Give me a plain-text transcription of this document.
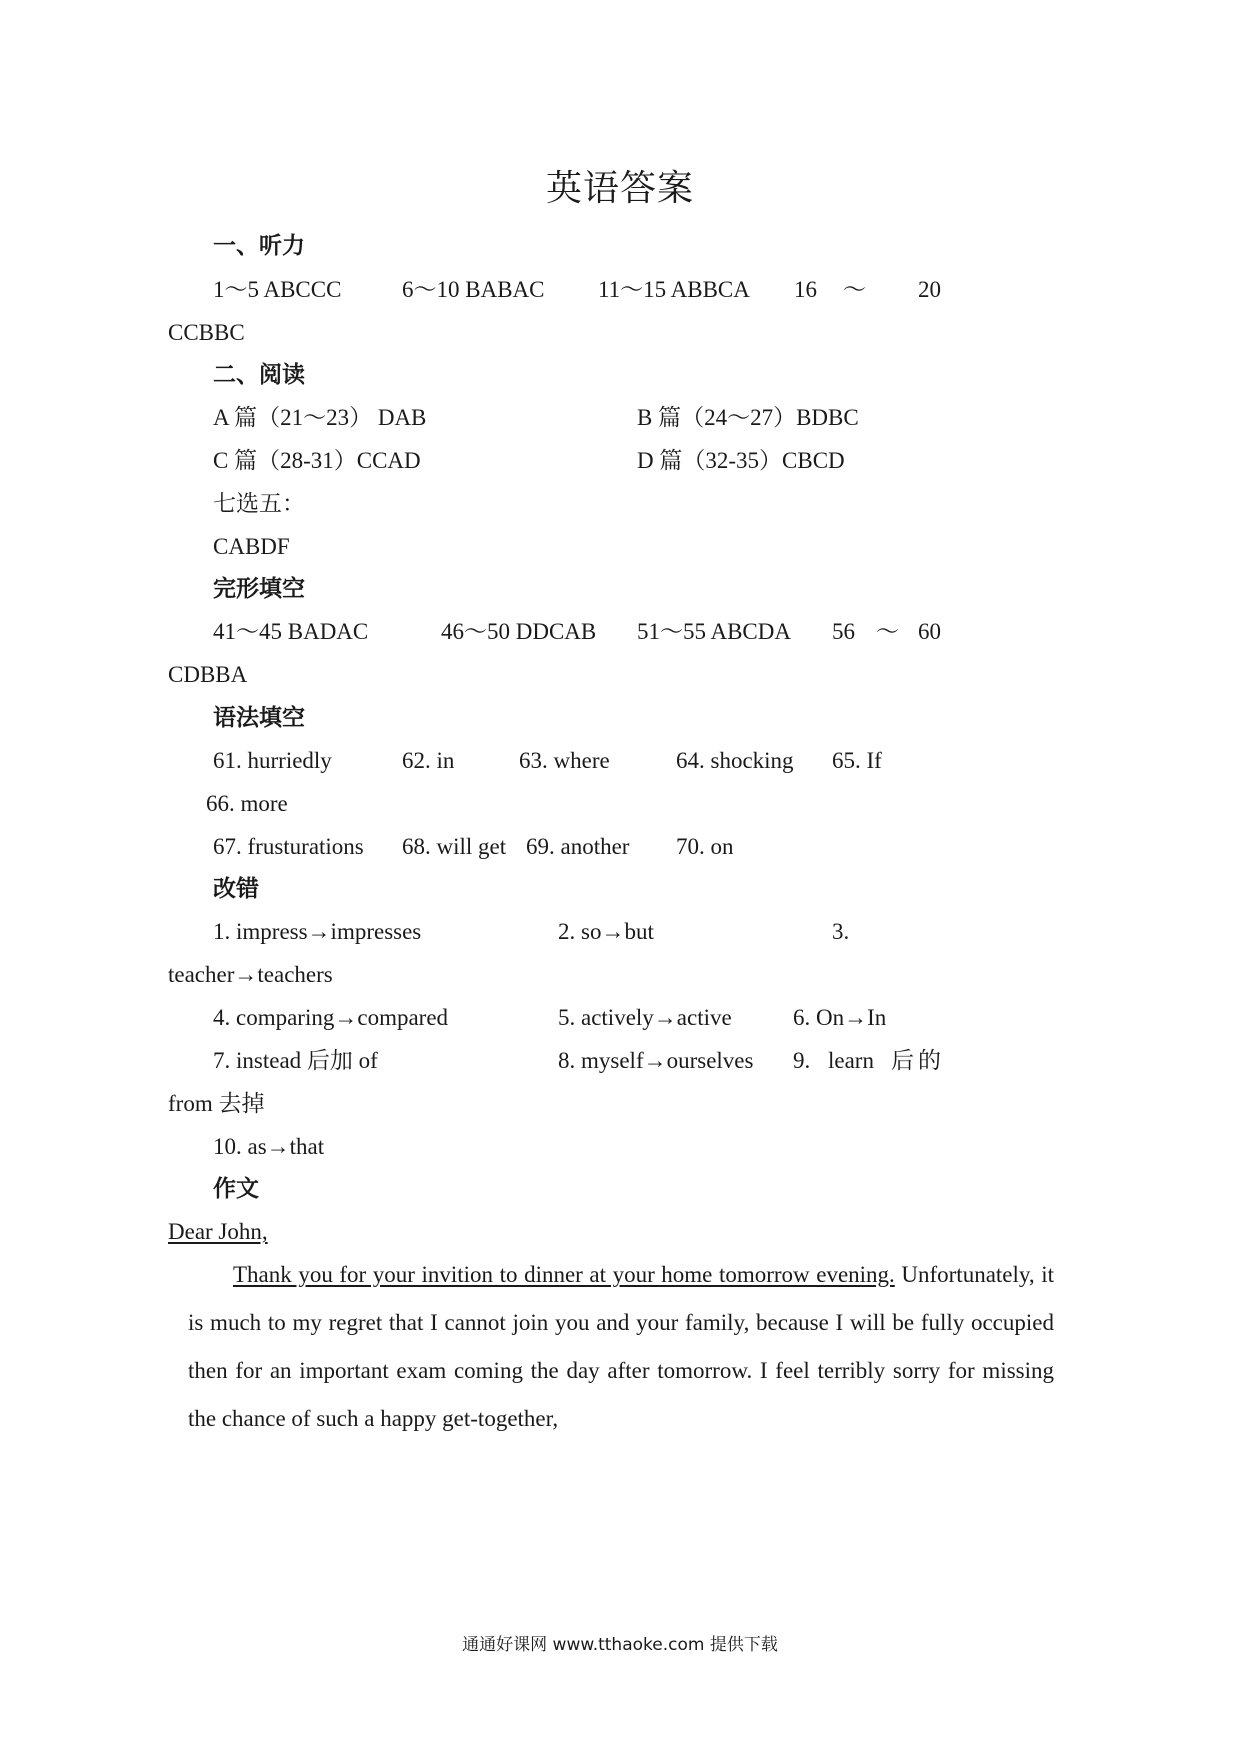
英语答案
一、听力
1～5 ABCCC	6～10 BABAC 11～15 ABBCA 16 ～ 20
CCBBC
二、阅读
A 篇（21～23） DAB	B 篇（24～27）BDBC
C 篇（28-31）CCAD	D 篇（32-35）CBCD
七选五：
CABDF
完形填空
41～45 BADAC	46～50 DDCAB 51～55 ABCDA 56 ～ 60
CDBBA
语法填空
61. hurriedly	62. in	63. where	64. shocking 65. If
66. more
67. frusturations 68. will get 69. another 70. on
改错
1. impress→impresses	2. so→but	3.
teacher→teachers
4. comparing→compared	5. actively→active	6. On→In
7. instead 后加 of	8. myself→ourselves 9. learn 后 的
from 去掉
10. as→that
作文
Dear John,
Thank you for your invition to dinner at your home tomorrow evening. Unfortunately, it is much to my regret that I cannot join you and your family, because I will be fully occupied then for an important exam coming the day after tomorrow. I feel terribly sorry for missing the chance of such a happy get-together,
通通好课网 www.tthaoke.com 提供下载
